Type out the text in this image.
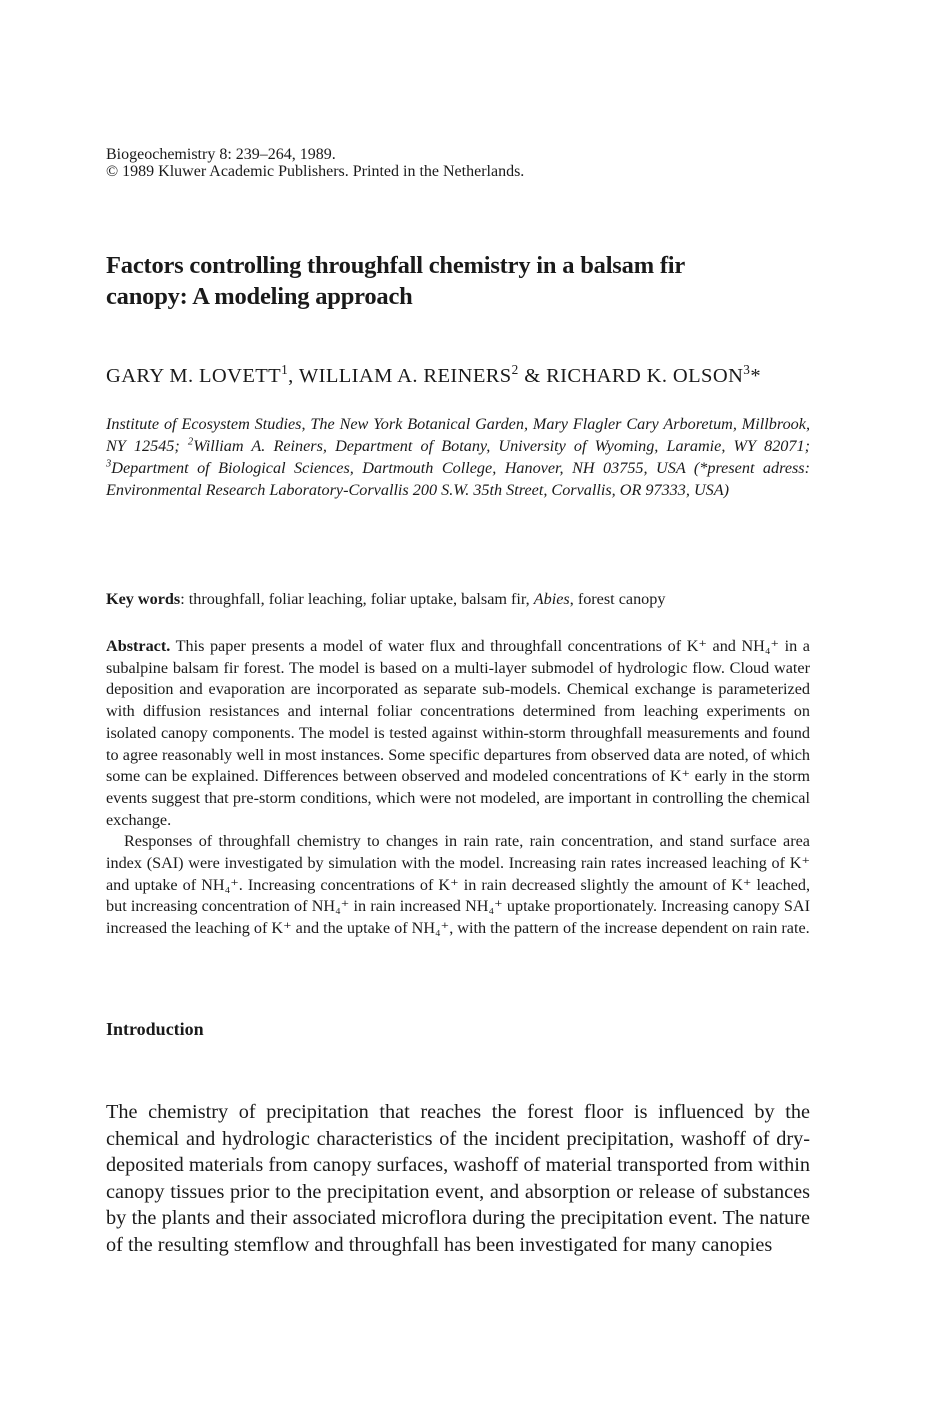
Biogeochemistry 8: 239–264, 1989.
© 1989 Kluwer Academic Publishers. Printed in the Netherlands.
Factors controlling throughfall chemistry in a balsam fir
canopy: A modeling approach

GARY M. LOVETT$^1$, WILLIAM A. REINERS$^2$ & RICHARD K. OLSON$^3$*

Institute of Ecosystem Studies, The New York Botanical Garden, Mary Flagler Cary Arboretum, Millbrook, NY 12545; $^2$William A. Reiners, Department of Botany, University of Wyoming, Laramie, WY 82071; $^3$Department of Biological Sciences, Dartmouth College, Hanover, NH 03755, USA (*present adress: Environmental Research Laboratory-Corvallis 200 S.W. 35th Street, Corvallis, OR 97333, USA)
Key words: throughfall, foliar leaching, foliar uptake, balsam fir, Abies, forest canopy

Abstract. This paper presents a model of water flux and throughfall concentrations of K⁺ and NH₄⁺ in a subalpine balsam fir forest. The model is based on a multi-layer submodel of hydrologic flow. Cloud water deposition and evaporation are incorporated as separate sub-models. Chemical exchange is parameterized with diffusion resistances and internal foliar concentrations determined from leaching experiments on isolated canopy components. The model is tested against within-storm throughfall measurements and found to agree reasonably well in most instances. Some specific departures from observed data are noted, of which some can be explained. Differences between observed and modeled concentrations of K⁺ early in the storm events suggest that pre-storm conditions, which were not modeled, are important in controlling the chemical exchange.

Responses of throughfall chemistry to changes in rain rate, rain concentration, and stand surface area index (SAI) were investigated by simulation with the model. Increasing rain rates increased leaching of K⁺ and uptake of NH₄⁺. Increasing concentrations of K⁺ in rain decreased slightly the amount of K⁺ leached, but increasing concentration of NH₄⁺ in rain increased NH₄⁺ uptake proportionately. Increasing canopy SAI increased the leaching of K⁺ and the uptake of NH₄⁺, with the pattern of the increase dependent on rain rate.

Introduction

The chemistry of precipitation that reaches the forest floor is influenced by the chemical and hydrologic characteristics of the incident precipitation, washoff of dry-deposited materials from canopy surfaces, washoff of material transported from within canopy tissues prior to the precipitation event, and absorption or release of substances by the plants and their associated microflora during the precipitation event. The nature of the resulting stemflow and throughfall has been investigated for many canopies
